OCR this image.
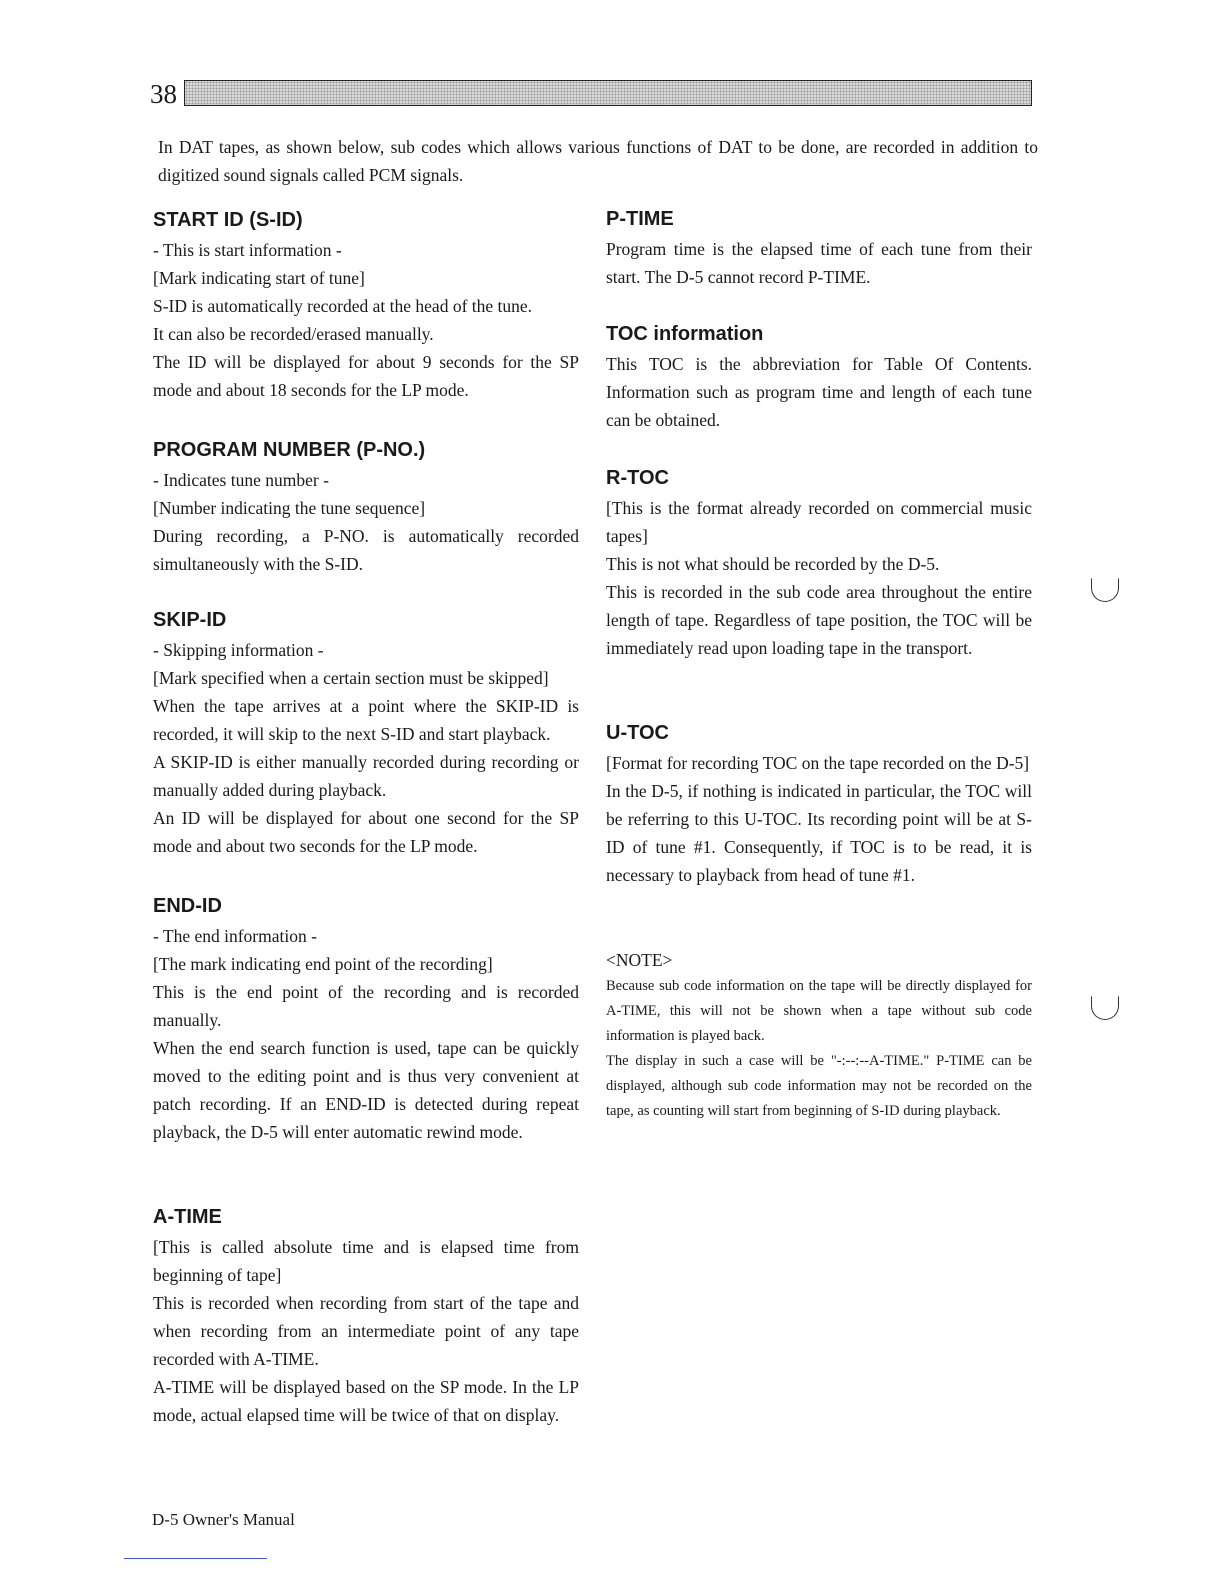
38

In DAT tapes, as shown below, sub codes which allows various functions of DAT to be done, are recorded in addition to digitized sound signals called PCM signals.

START ID (S-ID)
- This is start information -
[Mark indicating start of tune]
S-ID is automatically recorded at the head of the tune.
It can also be recorded/erased manually.

The ID will be displayed for about 9 seconds for the SP mode and about 18 seconds for the LP mode.

PROGRAM NUMBER (P-NO.)
- Indicates tune number -
[Number indicating the tune sequence]

During recording, a P-NO. is automatically recorded simultaneously with the S-ID.

SKIP-ID
- Skipping information -
[Mark specified when a certain section must be skipped]

When the tape arrives at a point where the SKIP-ID is recorded, it will skip to the next S-ID and start playback.

A SKIP-ID is either manually recorded during recording or manually added during playback.

An ID will be displayed for about one second for the SP mode and about two seconds for the LP mode.

END-ID
- The end information -
[The mark indicating end point of the recording]

This is the end point of the recording and is recorded manually.

When the end search function is used, tape can be quickly moved to the editing point and is thus very convenient at patch recording. If an END-ID is detected during repeat playback, the D-5 will enter automatic rewind mode.

A-TIME

[This is called absolute time and is elapsed time from beginning of tape]

This is recorded when recording from start of the tape and when recording from an intermediate point of any tape recorded with A-TIME.

A-TIME will be displayed based on the SP mode. In the LP mode, actual elapsed time will be twice of that on display.

P-TIME

Program time is the elapsed time of each tune from their start. The D-5 cannot record P-TIME.

TOC information

This TOC is the abbreviation for Table Of Contents. Information such as program time and length of each tune can be obtained.

R-TOC

[This is the format already recorded on commercial music tapes]

This is not what should be recorded by the D-5.

This is recorded in the sub code area throughout the entire length of tape. Regardless of tape position, the TOC will be immediately read upon loading tape in the transport.

U-TOC

[Format for recording TOC on the tape recorded on the D-5]

In the D-5, if nothing is indicated in particular, the TOC will be referring to this U-TOC. Its recording point will be at S-ID of tune #1. Consequently, if TOC is to be read, it is necessary to playback from head of tune #1.

<NOTE>

Because sub code information on the tape will be directly displayed for A-TIME, this will not be shown when a tape without sub code information is played back.

The display in such a case will be "-:--:--A-TIME." P-TIME can be displayed, although sub code information may not be recorded on the tape, as counting will start from beginning of S-ID during playback.

D-5 Owner's Manual
